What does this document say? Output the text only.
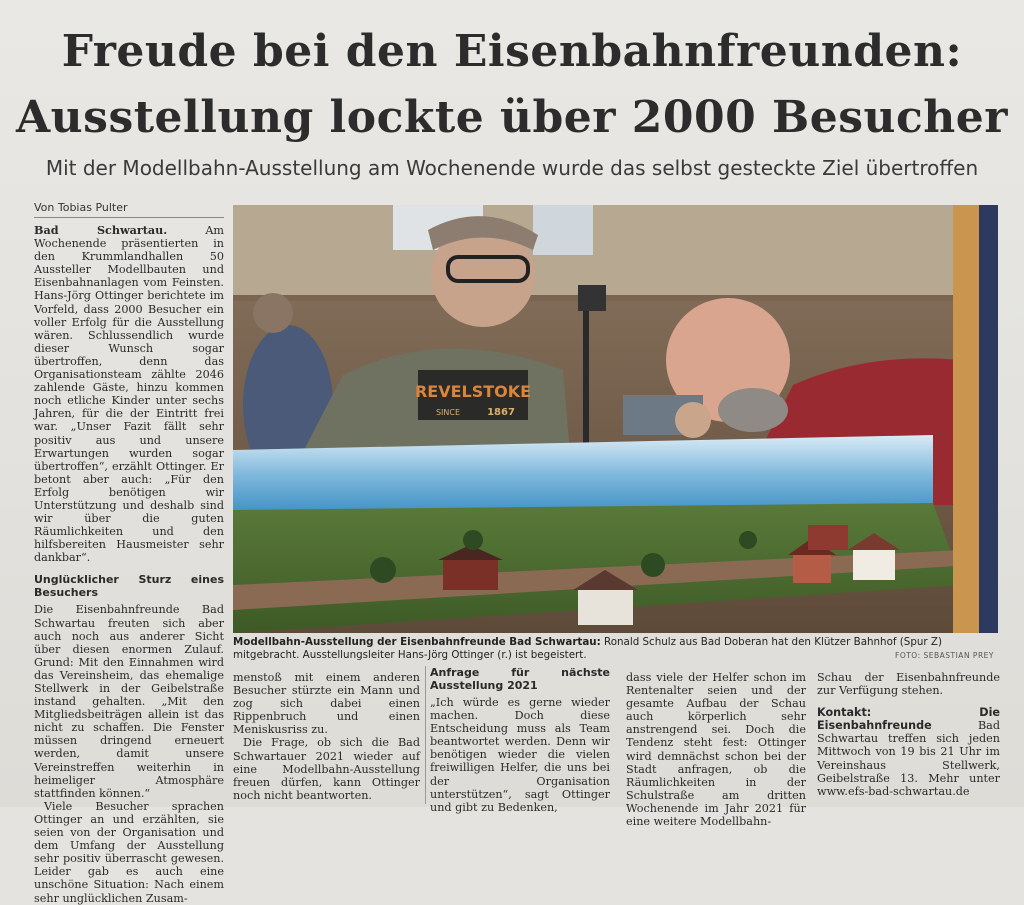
Freude bei den Eisenbahnfreunden:
Ausstellung lockte über 2000 Besucher
Mit der Modellbahn-Ausstellung am Wochenende wurde das selbst gesteckte Ziel übertroffen
Von Tobias Pulter

Bad Schwartau. Am Wochenende präsentierten in den Krummlandhallen 50 Aussteller Modellbauten und Eisenbahnanlagen vom Feinsten. Hans-Jörg Ottinger berichtete im Vorfeld, dass 2000 Besucher ein voller Erfolg für die Ausstellung wären. Schlussendlich wurde dieser Wunsch sogar übertroffen, denn das Organisationsteam zählte 2046 zahlende Gäste, hinzu kommen noch etliche Kinder unter sechs Jahren, für die der Eintritt frei war. „Unser Fazit fällt sehr positiv aus und unsere Erwartungen wurden sogar übertroffen“, erzählt Ottinger. Er betont aber auch: „Für den Erfolg benötigen wir Unterstützung und deshalb sind wir über die guten Räumlichkeiten und den hilfsbereiten Hausmeister sehr dankbar“.

Unglücklicher Sturz eines Besuchers

Die Eisenbahnfreunde Bad Schwartau freuten sich aber auch noch aus anderer Sicht über diesen enormen Zulauf. Grund: Mit den Einnahmen wird das Vereinsheim, das ehemalige Stellwerk in der Geibelstraße instand gehalten. „Mit den Mitgliedsbeiträgen allein ist das nicht zu schaffen. Die Fenster müssen dringend erneuert werden, damit unsere Vereinstreffen weiterhin in heimeliger Atmosphäre stattfinden können.“

Viele Besucher sprachen Ottinger an und erzählten, sie seien von der Organisation und dem Umfang der Ausstellung sehr positiv überrascht gewesen. Leider gab es auch eine unschöne Situation: Nach einem sehr unglücklichen Zusam-

REVELSTOKE
SINCE	1867
Modellbahn-Ausstellung der Eisenbahnfreunde Bad Schwartau: Ronald Schulz aus Bad Doberan hat den Klützer Bahnhof (Spur Z) mitgebracht. Ausstellungsleiter Hans-Jörg Ottinger (r.) ist begeistert.	FOTO: SEBASTIAN PREY

menstoß mit einem anderen Besucher stürzte ein Mann und zog sich dabei einen Rippenbruch und einen Meniskusriss zu.

Die Frage, ob sich die Bad Schwartauer 2021 wieder auf eine Modellbahn-Ausstellung freuen dürfen, kann Ottinger noch nicht beantworten.

Anfrage für nächste Ausstellung 2021

„Ich würde es gerne wieder machen. Doch diese Entscheidung muss als Team beantwortet werden. Denn wir benötigen wieder die vielen freiwilligen Helfer, die uns bei der Organisation unterstützen“, sagt Ottinger und gibt zu Bedenken,

dass viele der Helfer schon im Rentenalter seien und der gesamte Aufbau der Schau auch körperlich sehr anstrengend sei. Doch die Tendenz steht fest: Ottinger wird demnächst schon bei der Stadt anfragen, ob die Räumlichkeiten in der Schulstraße am dritten Wochenende im Jahr 2021 für eine weitere Modellbahn-

Schau der Eisenbahnfreunde zur Verfügung stehen.

Kontakt: Die Eisenbahnfreunde Bad Schwartau treffen sich jeden Mittwoch von 19 bis 21 Uhr im Vereinshaus Stellwerk, Geibelstraße 13. Mehr unter www.efs-bad-schwartau.de
